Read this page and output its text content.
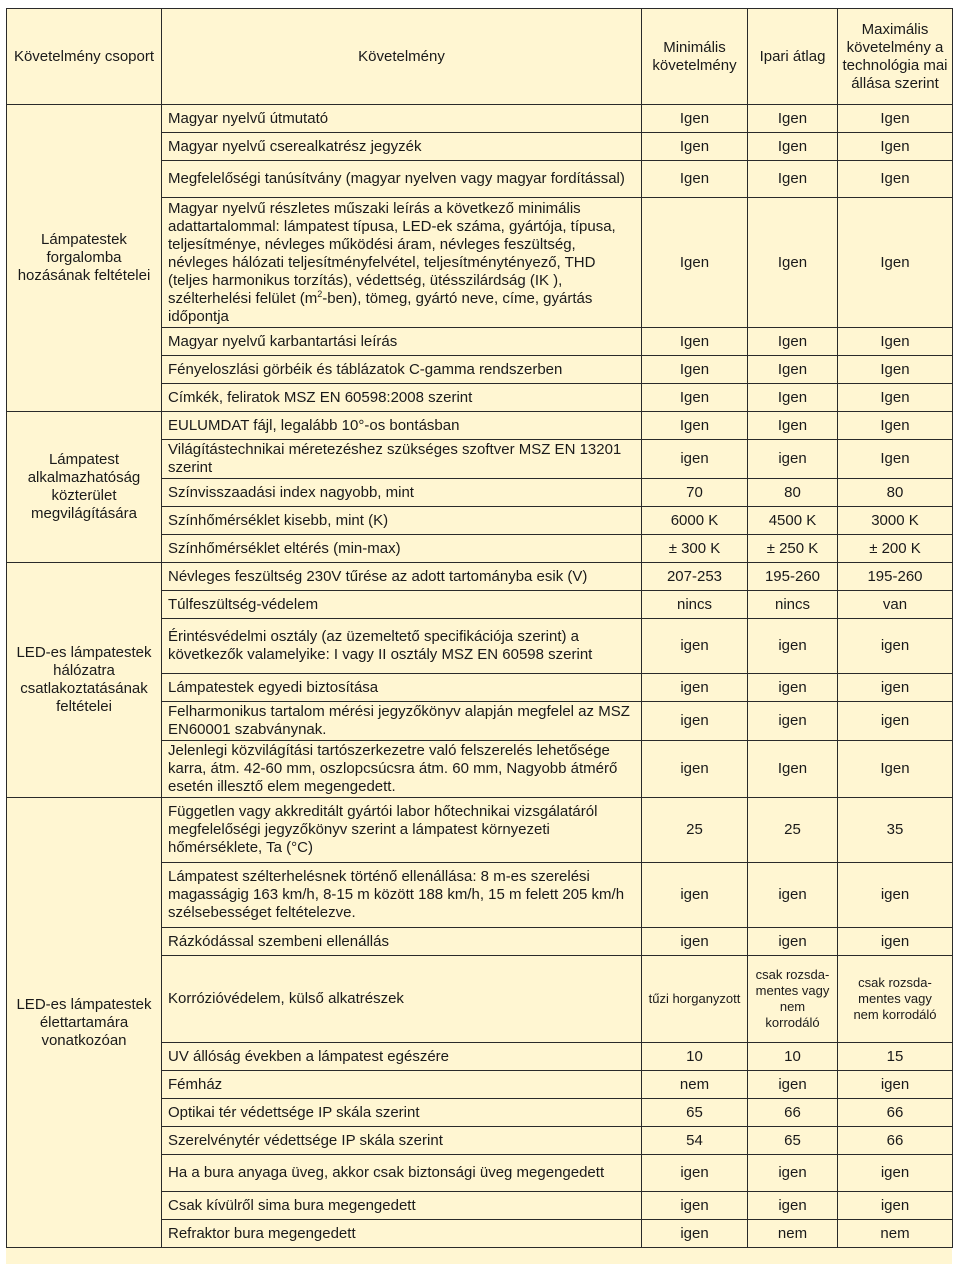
Követelmény csoport	Követelmény	Minimális követelmény	Ipari átlag	Maximális követelmény a technológia mai állása szerint
Lámpatestek forgalomba hozásának feltételei	Magyar nyelvű útmutató	Igen	Igen	Igen
	Magyar nyelvű cserealkatrész jegyzék	Igen	Igen	Igen
	Megfelelőségi tanúsítvány (magyar nyelven vagy magyar fordítással)	Igen	Igen	Igen
	Magyar nyelvű részletes műszaki leírás a következő minimális adattartalommal: lámpatest típusa, LED-ek száma, gyártója, típusa, teljesítménye, névleges működési áram, névleges feszültség, névleges hálózati teljesítményfelvétel, teljesítménytényező, THD (teljes harmonikus torzítás), védettség, ütésszilárdság (IK ), szélterhelési felület $(m^2-ben)$, tömeg, gyártó neve, címe, gyártás időpontja	Igen	Igen	Igen
	Magyar nyelvű karbantartási leírás	Igen	Igen	Igen
	Fényeloszlási görbéik és táblázatok C-gamma rendszerben	Igen	Igen	Igen
	Címkék, feliratok MSZ EN 60598:2008 szerint	Igen	Igen	Igen
Lámpatest alkalmazhatóság közterület megvilágítására	EULUMDAT fájl, legalább 10°-os bontásban	Igen	Igen	Igen
	Világítástechnikai méretezéshez szükséges szoftver MSZ EN 13201 szerint	igen	igen	Igen
	Színvisszaadási index nagyobb, mint	70	80	80
	Színhőmérséklet kisebb, mint (K)	6000 K	4500 K	3000 K
	Színhőmérséklet eltérés (min-max)	± 300 K	± 250 K	± 200 K
LED-es lámpatestek hálózatra csatlakoztatásának feltételei	Névleges feszültség 230V tűrése az adott tartományba esik (V)	207-253	195-260	195-260
	Túlfeszültség-védelem	nincs	nincs	van
	Érintésvédelmi osztály (az üzemeltető specifikációja szerint) a következők valamelyike: I vagy II osztály MSZ EN 60598 szerint	igen	igen	igen
	Lámpatestek egyedi biztosítása	igen	igen	igen
	Felharmonikus tartalom mérési jegyzőkönyv alapján megfelel az MSZ EN60001 szabványnak.	igen	igen	igen
	Jelenlegi közvilágítási tartószerkezetre való felszerelés lehetősége karra, átm. 42-60 mm, oszlopcsúcsra átm. 60 mm, Nagyobb átmérő esetén illesztő elem megengedett.	igen	Igen	Igen
LED-es lámpatestek élettartamára vonatkozóan	Független vagy akkreditált gyártói labor hőtechnikai vizsgálatáról megfelelőségi jegyzőkönyv szerint a lámpatest környezeti hőmérséklete, Ta (°C)	25	25	35
	Lámpatest szélterhelésnek történő ellenállása: 8 m-es szerelési magasságig 163 km/h, 8-15 m között 188 km/h, 15 m felett 205 km/h szélsebességet feltételezve.	igen	igen	igen
	Rázkódással szembeni ellenállás	igen	igen	igen
	Korrózióvédelem, külső alkatrészek	tűzi horganyzott	csak rozsda- mentes vagy nem korrodáló	csak rozsda- mentes vagy nem korrodáló
	UV állóság években a lámpatest egészére	10	10	15
	Fémház	nem	igen	igen
	Optikai tér védettsége IP skála szerint	65	66	66
	Szerelvénytér védettsége IP skála szerint	54	65	66
	Ha a bura anyaga üveg, akkor csak biztonsági üveg megengedett	igen	igen	igen
	Csak kívülről sima bura megengedett	igen	igen	igen
	Refraktor bura megengedett	igen	nem	nem
